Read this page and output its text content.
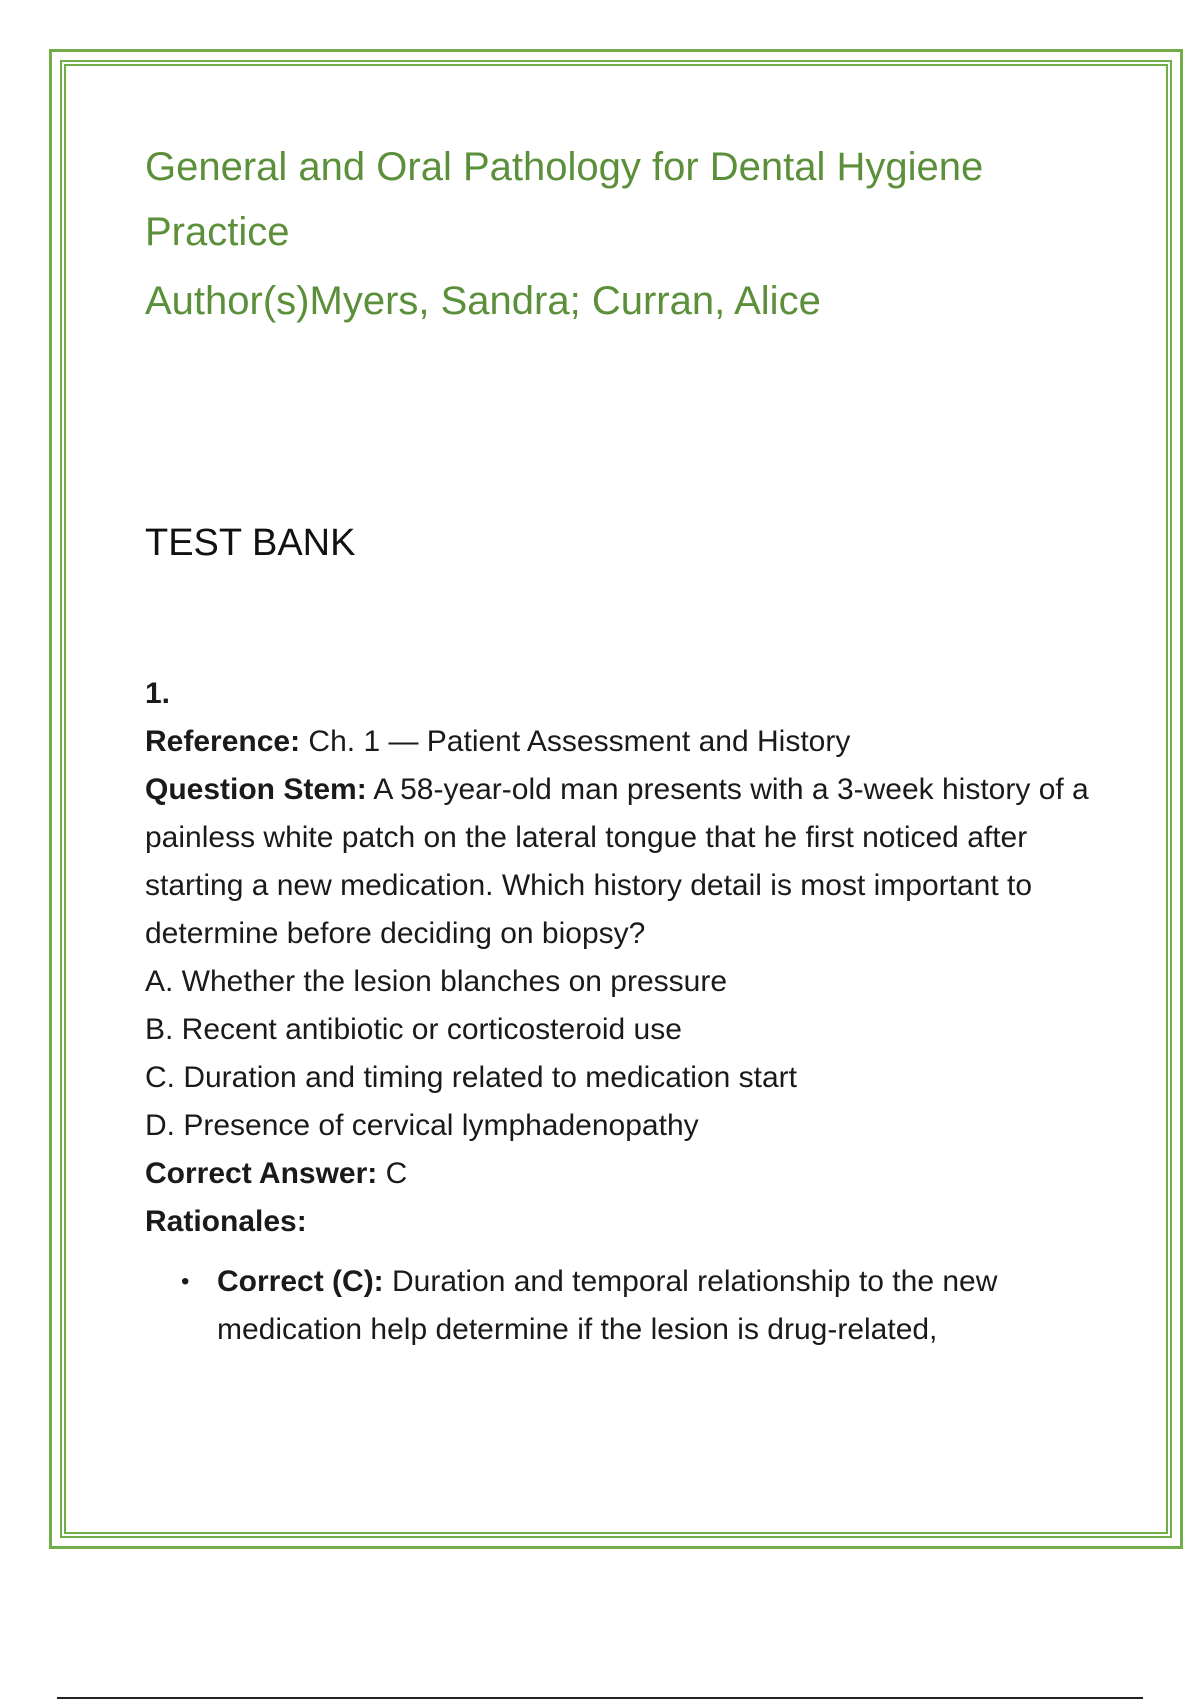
General and Oral Pathology for Dental Hygiene Practice
Author(s)Myers, Sandra; Curran, Alice
TEST BANK

1.

Reference: Ch. 1 — Patient Assessment and History

Question Stem: A 58-year-old man presents with a 3-week history of a painless white patch on the lateral tongue that he first noticed after starting a new medication. Which history detail is most important to determine before deciding on biopsy?

A. Whether the lesion blanches on pressure
B. Recent antibiotic or corticosteroid use
C. Duration and timing related to medication start
D. Presence of cervical lymphadenopathy

Correct Answer: C

Rationales:

• Correct (C): Duration and temporal relationship to the new medication help determine if the lesion is drug-related,
